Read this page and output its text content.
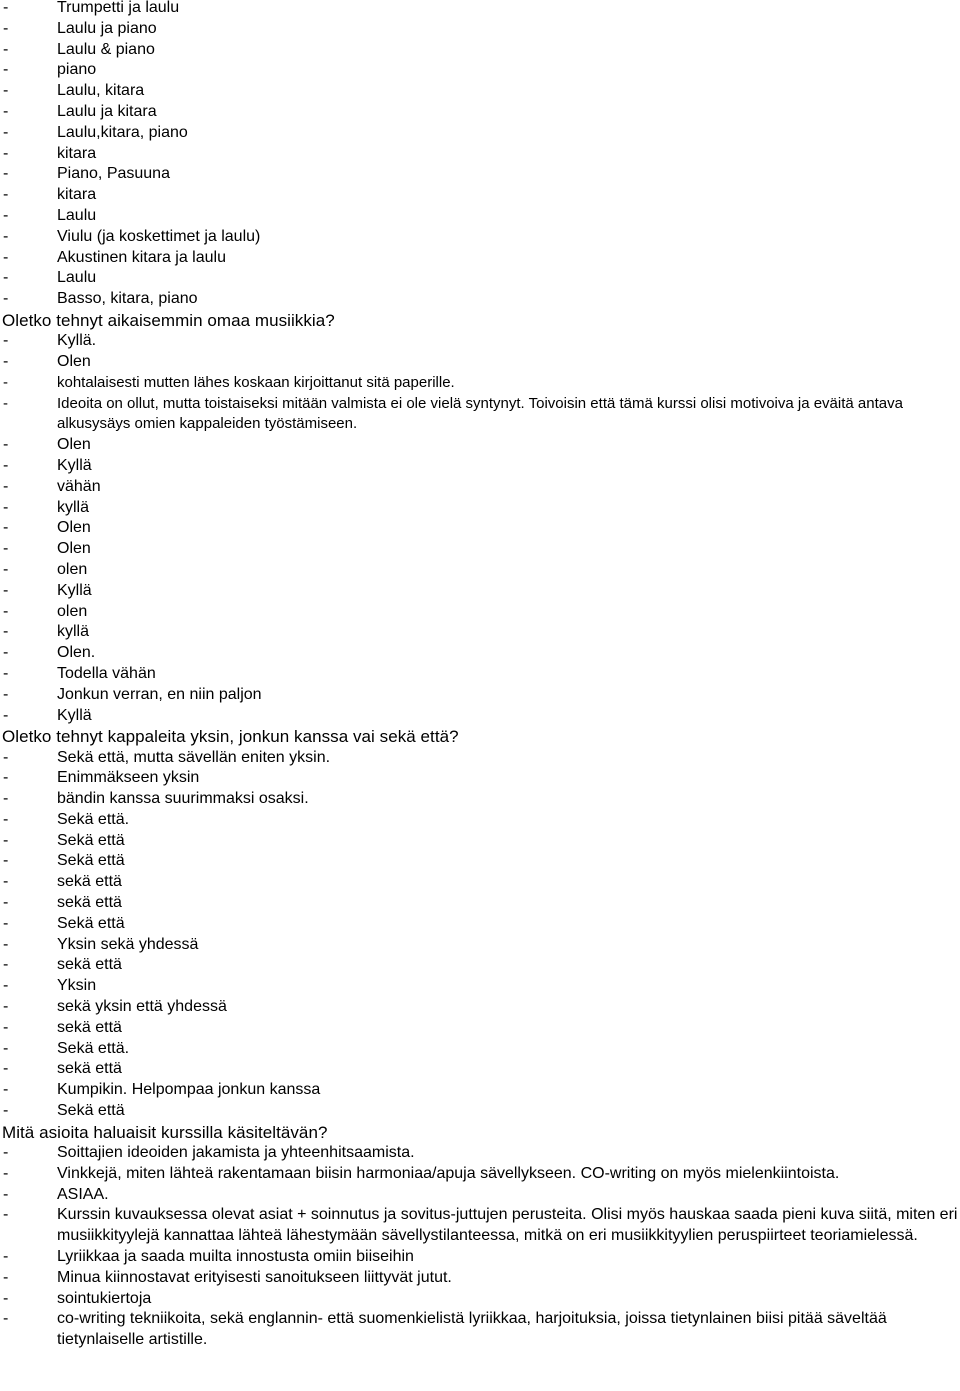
-	Trumpetti ja laulu
-	Laulu ja piano
-	Laulu & piano
-	piano
-	Laulu, kitara
-	Laulu ja kitara
-	Laulu,kitara, piano
-	kitara
-	Piano, Pasuuna
-	kitara
-	Laulu
-	Viulu (ja koskettimet ja laulu)
-	Akustinen kitara ja laulu
-	Laulu
-	Basso, kitara, piano
Oletko tehnyt aikaisemmin omaa musiikkia?
-	Kyllä.
-	Olen
-	kohtalaisesti mutten lähes koskaan kirjoittanut sitä paperille.
-	Ideoita on ollut, mutta toistaiseksi mitään valmista ei ole vielä syntynyt. Toivoisin että tämä kurssi olisi motivoiva ja eväitä antava alkusysäys omien kappaleiden työstämiseen.
-	Olen
-	Kyllä
-	vähän
-	kyllä
-	Olen
-	Olen
-	olen
-	Kyllä
-	olen
-	kyllä
-	Olen.
-	Todella vähän
-	Jonkun verran, en niin paljon
-	Kyllä
Oletko tehnyt kappaleita yksin, jonkun kanssa vai sekä että?
-	Sekä että, mutta sävellän eniten yksin.
-	Enimmäkseen yksin
-	bändin kanssa suurimmaksi osaksi.
-	Sekä että.
-	Sekä että
-	Sekä että
-	sekä että
-	sekä että
-	Sekä että
-	Yksin sekä yhdessä
-	sekä että
-	Yksin
-	sekä yksin että yhdessä
-	sekä että
-	Sekä että.
-	sekä että
-	Kumpikin. Helpompaa jonkun kanssa
-	Sekä että
Mitä asioita haluaisit kurssilla käsiteltävän?
-	Soittajien ideoiden jakamista ja yhteenhitsaamista.
-	Vinkkejä, miten lähteä rakentamaan biisin harmoniaa/apuja sävellykseen. CO-writing on myös mielenkiintoista.
-	ASIAA.
-	Kurssin kuvauksessa olevat asiat + soinnutus ja sovitus-juttujen perusteita. Olisi myös hauskaa saada pieni kuva siitä, miten eri musiikkityylejä kannattaa lähteä lähestymään sävellystilanteessa, mitkä on eri musiikkityylien peruspiirteet teoriamielessä.
-	Lyriikkaa ja saada muilta innostusta omiin biiseihin
-	Minua kiinnostavat erityisesti sanoitukseen liittyvät jutut.
-	sointukiertoja
-	co-writing tekniikoita, sekä englannin- että suomenkielistä lyriikkaa, harjoituksia, joissa tietynlainen biisi pitää säveltää tietynlaiselle artistille.
